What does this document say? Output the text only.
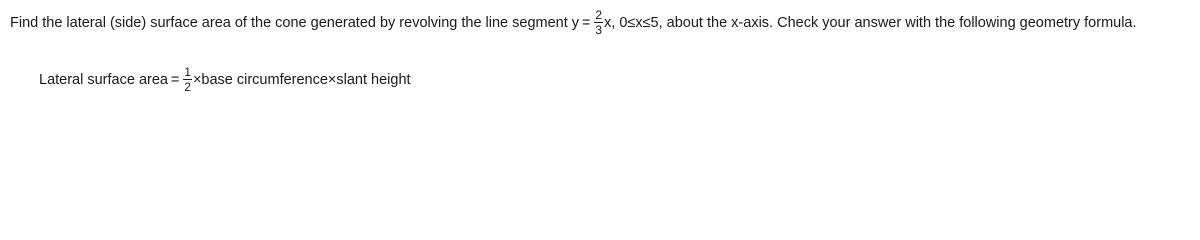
Find the lateral (side) surface area of the cone generated by revolving the line segment $y = \frac{2}{3} x$, 0≤x≤5, about the x-axis. Check your answer with the following geometry formula.
Lateral surface area =  $\frac{1}{2}$ ×base circumference×slant height
